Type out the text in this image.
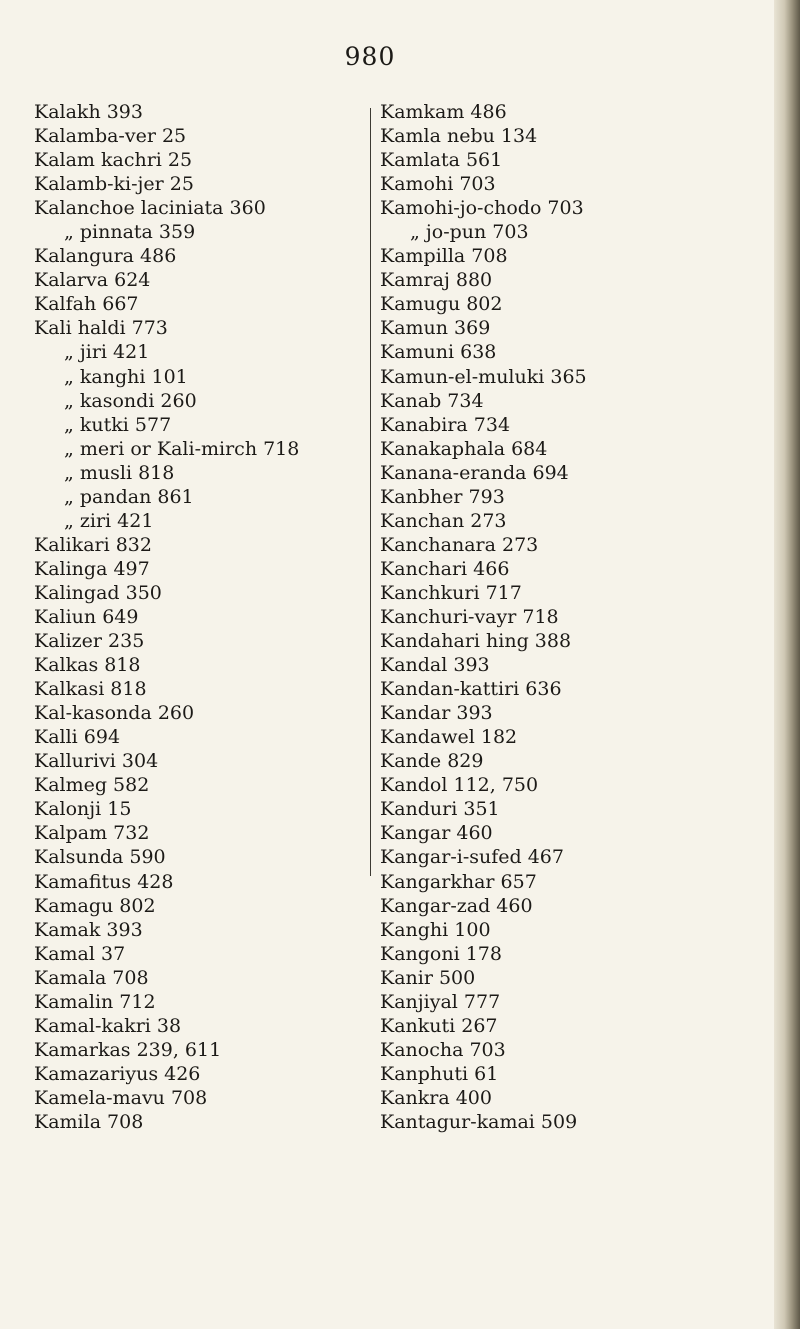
980
Kalakh 393
Kalamba-ver 25
Kalam kachri 25
Kalamb-ki-jer 25
Kalanchoe laciniata 360
„ pinnata 359
Kalangura 486
Kalarva 624
Kalfah 667
Kali haldi 773
„ jiri 421
„ kanghi 101
„ kasondi 260
„ kutki 577
„ meri or Kali-mirch 718
„ musli 818
„ pandan 861
„ ziri 421
Kalikari 832
Kalinga 497
Kalingad 350
Kaliun 649
Kalizer 235
Kalkas 818
Kalkasi 818
Kal-kasonda 260
Kalli 694
Kallurivi 304
Kalmeg 582
Kalonji 15
Kalpam 732
Kalsunda 590
Kamafitus 428
Kamagu 802
Kamak 393
Kamal 37
Kamala 708
Kamalin 712
Kamal-kakri 38
Kamarkas 239, 611
Kamazariyus 426
Kamela-mavu 708
Kamila 708
Kamkam 486
Kamla nebu 134
Kamlata 561
Kamohi 703
Kamohi-jo-chodo 703
„ jo-pun 703
Kampilla 708
Kamraj 880
Kamugu 802
Kamun 369
Kamuni 638
Kamun-el-muluki 365
Kanab 734
Kanabira 734
Kanakaphala 684
Kanana-eranda 694
Kanbher 793
Kanchan 273
Kanchanara 273
Kanchari 466
Kanchkuri 717
Kanchuri-vayr 718
Kandahari hing 388
Kandal 393
Kandan-kattiri 636
Kandar 393
Kandawel 182
Kande 829
Kandol 112, 750
Kanduri 351
Kangar 460
Kangar-i-sufed 467
Kangarkhar 657
Kangar-zad 460
Kanghi 100
Kangoni 178
Kanir 500
Kanjiyal 777
Kankuti 267
Kanocha 703
Kanphuti 61
Kankra 400
Kantagur-kamai 509
